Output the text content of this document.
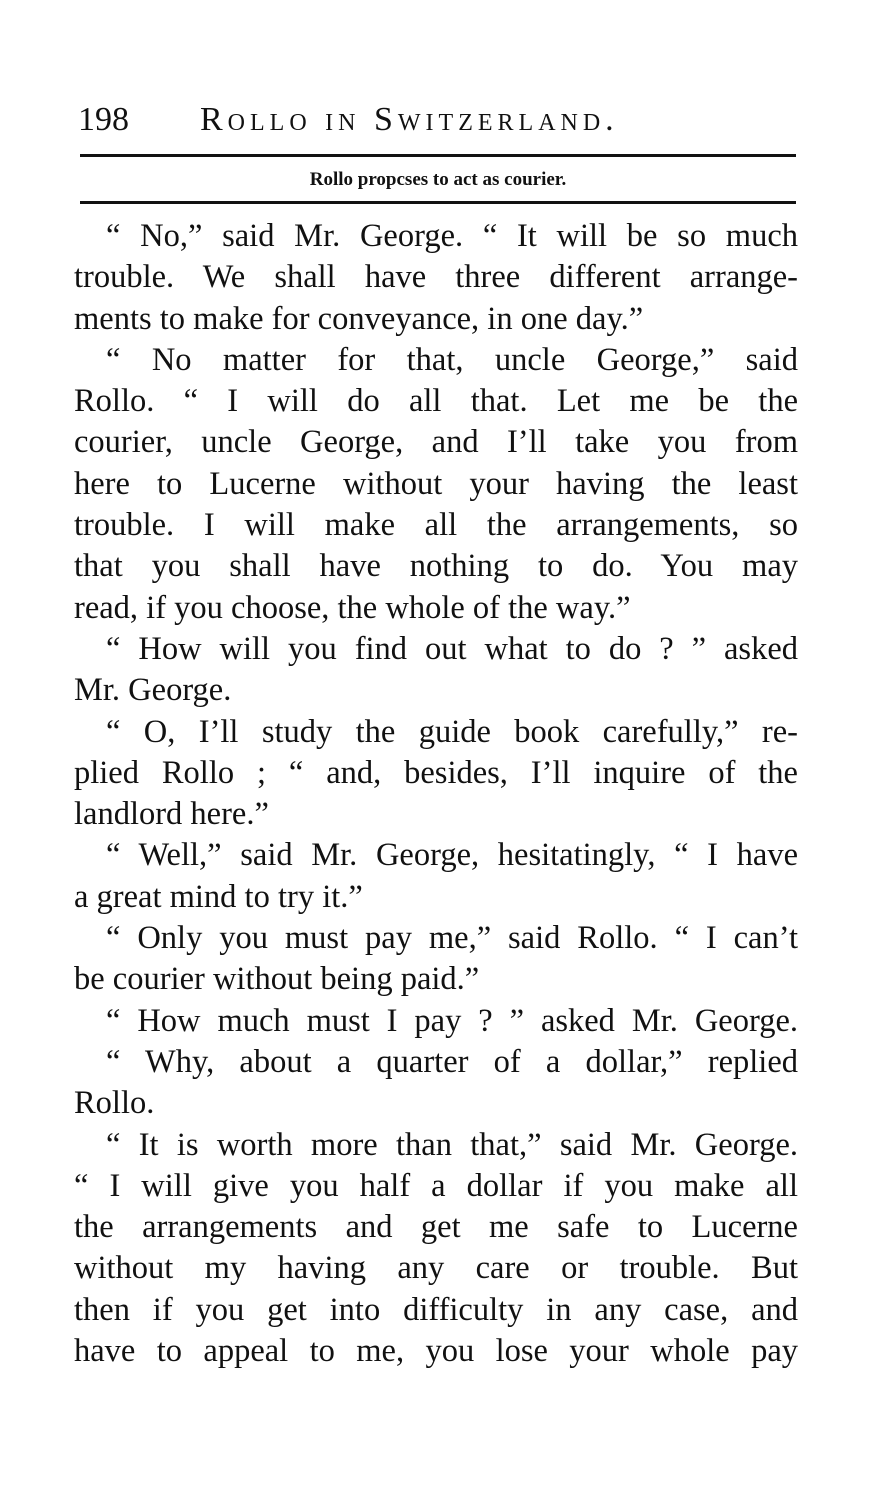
198 Rollo in Switzerland.
Rollo propcses to act as courier.
“ No,” said Mr. George. “ It will be so much
trouble. We shall have three different arrange-
ments to make for conveyance, in one day.”
“ No matter for that, uncle George,” said
Rollo. “ I will do all that. Let me be the
courier, uncle George, and I’ll take you from
here to Lucerne without your having the least
trouble. I will make all the arrangements, so
that you shall have nothing to do. You may
read, if you choose, the whole of the way.”
“ How will you find out what to do ? ” asked
Mr. George.
“ O, I’ll study the guide book carefully,” re-
plied Rollo ; “ and, besides, I’ll inquire of the
landlord here.”
“ Well,” said Mr. George, hesitatingly, “ I have
a great mind to try it.”
“ Only you must pay me,” said Rollo. “ I can’t
be courier without being paid.”
“ How much must I pay ? ” asked Mr. George.
“ Why, about a quarter of a dollar,” replied
Rollo.
“ It is worth more than that,” said Mr. George.
“ I will give you half a dollar if you make all
the arrangements and get me safe to Lucerne
without my having any care or trouble. But
then if you get into difficulty in any case, and
have to appeal to me, you lose your whole pay
